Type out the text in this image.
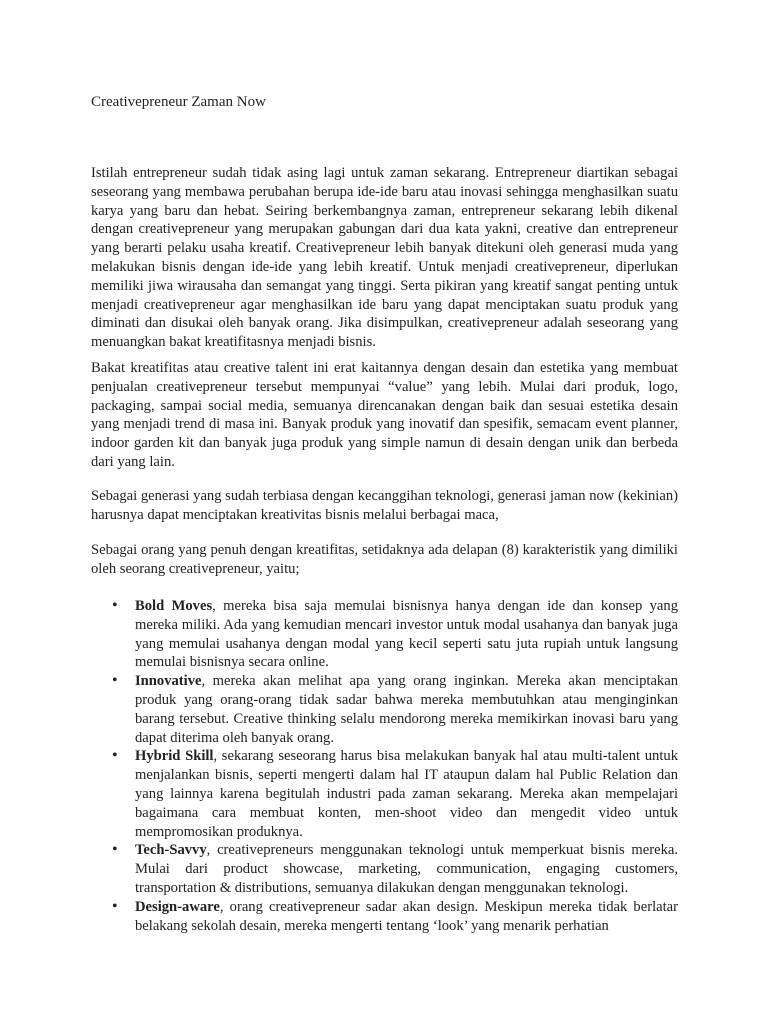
Creativepreneur Zaman Now

Istilah entrepreneur sudah tidak asing lagi untuk zaman sekarang. Entrepreneur diartikan sebagai seseorang yang membawa perubahan berupa ide-ide baru atau inovasi sehingga menghasilkan suatu karya yang baru dan hebat. Seiring berkembangnya zaman, entrepreneur sekarang lebih dikenal dengan creativepreneur yang merupakan gabungan dari dua kata yakni, creative dan entrepreneur yang berarti pelaku usaha kreatif. Creativepreneur lebih banyak ditekuni oleh generasi muda yang melakukan bisnis dengan ide-ide yang lebih kreatif. Untuk menjadi creativepreneur, diperlukan memiliki jiwa wirausaha dan semangat yang tinggi. Serta pikiran yang kreatif sangat penting untuk menjadi creativepreneur agar menghasilkan ide baru yang dapat menciptakan suatu produk yang diminati dan disukai oleh banyak orang. Jika disimpulkan, creativepreneur adalah seseorang yang menuangkan bakat kreatifitasnya menjadi bisnis.

Bakat kreatifitas atau creative talent ini erat kaitannya dengan desain dan estetika yang membuat penjualan creativepreneur tersebut mempunyai “value” yang lebih. Mulai dari produk, logo, packaging, sampai social media, semuanya direncanakan dengan baik dan sesuai estetika desain yang menjadi trend di masa ini. Banyak produk yang inovatif dan spesifik, semacam event planner, indoor garden kit dan banyak juga produk yang simple namun di desain dengan unik dan berbeda dari yang lain.

Sebagai generasi yang sudah terbiasa dengan kecanggihan teknologi, generasi jaman now (kekinian) harusnya dapat menciptakan kreativitas bisnis melalui berbagai maca,

Sebagai orang yang penuh dengan kreatifitas, setidaknya ada delapan (8) karakteristik yang dimiliki oleh seorang creativepreneur, yaitu;

• Bold Moves, mereka bisa saja memulai bisnisnya hanya dengan ide dan konsep yang mereka miliki. Ada yang kemudian mencari investor untuk modal usahanya dan banyak juga yang memulai usahanya dengan modal yang kecil seperti satu juta rupiah untuk langsung memulai bisnisnya secara online.
• Innovative, mereka akan melihat apa yang orang inginkan. Mereka akan menciptakan produk yang orang-orang tidak sadar bahwa mereka membutuhkan atau menginginkan barang tersebut. Creative thinking selalu mendorong mereka memikirkan inovasi baru yang dapat diterima oleh banyak orang.
• Hybrid Skill, sekarang seseorang harus bisa melakukan banyak hal atau multi-talent untuk menjalankan bisnis, seperti mengerti dalam hal IT ataupun dalam hal Public Relation dan yang lainnya karena begitulah industri pada zaman sekarang. Mereka akan mempelajari bagaimana cara membuat konten, men-shoot video dan mengedit video untuk mempromosikan produknya.
• Tech-Savvy, creativepreneurs menggunakan teknologi untuk memperkuat bisnis mereka. Mulai dari product showcase, marketing, communication, engaging customers, transportation & distributions, semuanya dilakukan dengan menggunakan teknologi.
• Design-aware, orang creativepreneur sadar akan design. Meskipun mereka tidak berlatar belakang sekolah desain, mereka mengerti tentang ‘look’ yang menarik perhatian
